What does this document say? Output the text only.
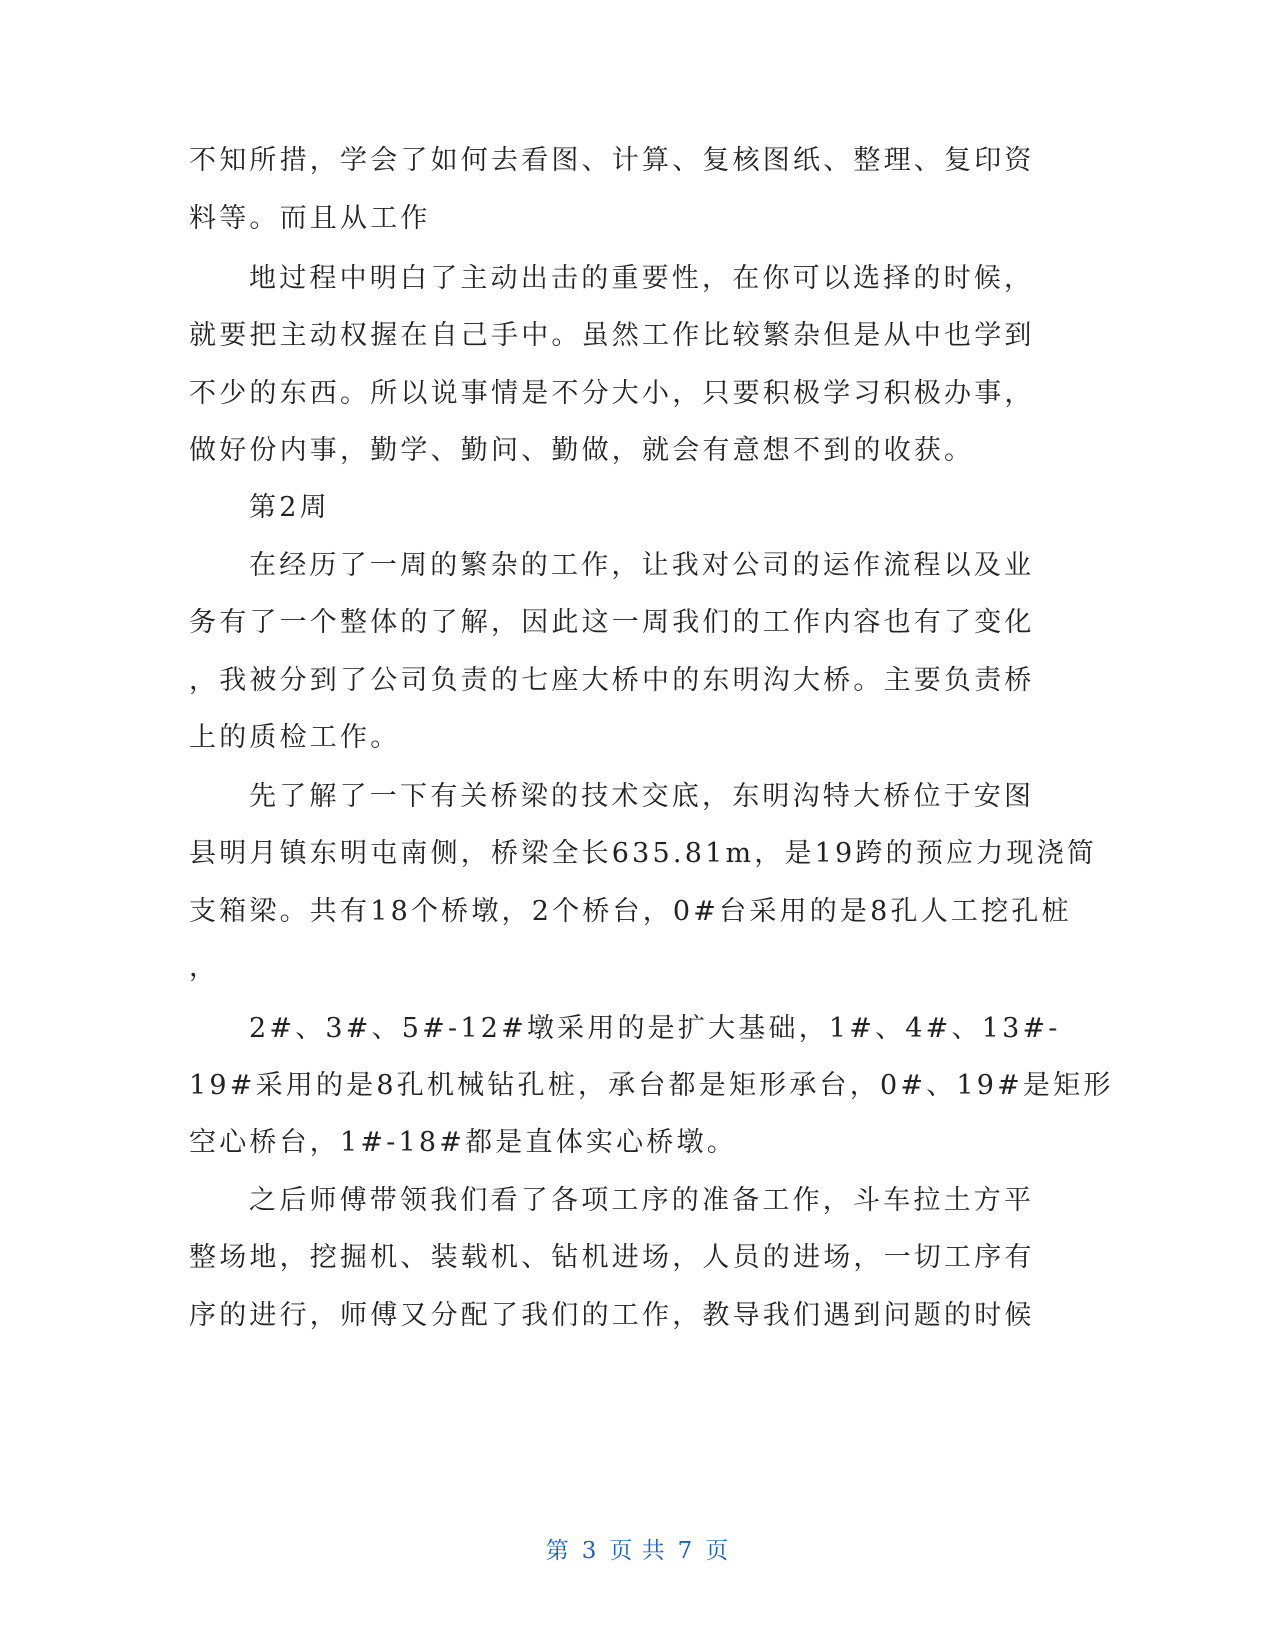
不知所措，学会了如何去看图、计算、复核图纸、整理、复印资

料等。而且从工作

地过程中明白了主动出击的重要性，在你可以选择的时候，

就要把主动权握在自己手中。虽然工作比较繁杂但是从中也学到

不少的东西。所以说事情是不分大小，只要积极学习积极办事，

做好份内事，勤学、勤问、勤做，就会有意想不到的收获。

第2周

在经历了一周的繁杂的工作，让我对公司的运作流程以及业

务有了一个整体的了解，因此这一周我们的工作内容也有了变化

，我被分到了公司负责的七座大桥中的东明沟大桥。主要负责桥

上的质检工作。

先了解了一下有关桥梁的技术交底，东明沟特大桥位于安图

县明月镇东明屯南侧，桥梁全长635.81m，是19跨的预应力现浇简

支箱梁。共有18个桥墩，2个桥台，0#台采用的是8孔人工挖孔桩

，

2#、3#、5#-12#墩采用的是扩大基础，1#、4#、13#-

19#采用的是8孔机械钻孔桩，承台都是矩形承台，0#、19#是矩形

空心桥台，1#-18#都是直体实心桥墩。

之后师傅带领我们看了各项工序的准备工作，斗车拉土方平

整场地，挖掘机、装载机、钻机进场，人员的进场，一切工序有

序的进行，师傅又分配了我们的工作，教导我们遇到问题的时候

第 3 页 共 7 页
